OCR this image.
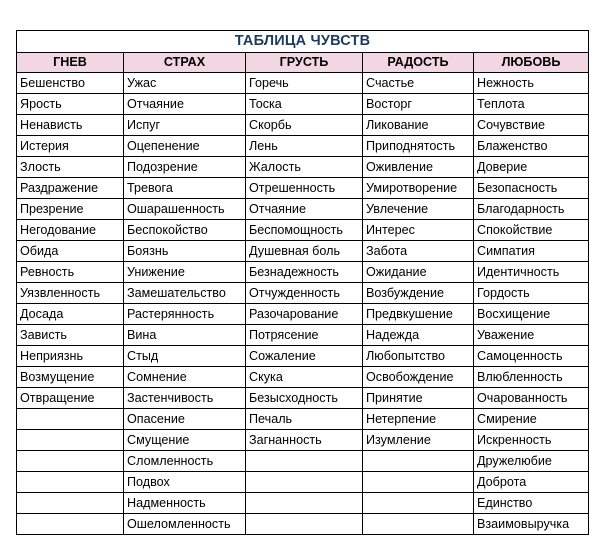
ТАБЛИЦА ЧУВСТВ				
ГНЕВ	СТРАХ	ГРУСТЬ	РАДОСТЬ	ЛЮБОВЬ
Бешенство	Ужас	Горечь	Счастье	Нежность
Ярость	Отчаяние	Тоска	Восторг	Теплота
Ненависть	Испуг	Скорбь	Ликование	Сочувствие
Истерия	Оцепенение	Лень	Приподнятость	Блаженство
Злость	Подозрение	Жалость	Оживление	Доверие
Раздражение	Тревога	Отрешенность	Умиротворение	Безопасность
Презрение	Ошарашенность	Отчаяние	Увлечение	Благодарность
Негодование	Беспокойство	Беспомощность	Интерес	Спокойствие
Обида	Боязнь	Душевная боль	Забота	Симпатия
Ревность	Унижение	Безнадежность	Ожидание	Идентичность
Уязвленность	Замешательство	Отчужденность	Возбуждение	Гордость
Досада	Растерянность	Разочарование	Предвкушение	Восхищение
Зависть	Вина	Потрясение	Надежда	Уважение
Неприязнь	Стыд	Сожаление	Любопытство	Самоценность
Возмущение	Сомнение	Скука	Освобождение	Влюбленность
Отвращение	Застенчивость	Безысходность	Принятие	Очарованность
	Опасение	Печаль	Нетерпение	Смирение
	Смущение	Загнанность	Изумление	Искренность
	Сломленность			Дружелюбие
	Подвох			Доброта
	Надменность			Единство
	Ошеломленность			Взаимовыручка
